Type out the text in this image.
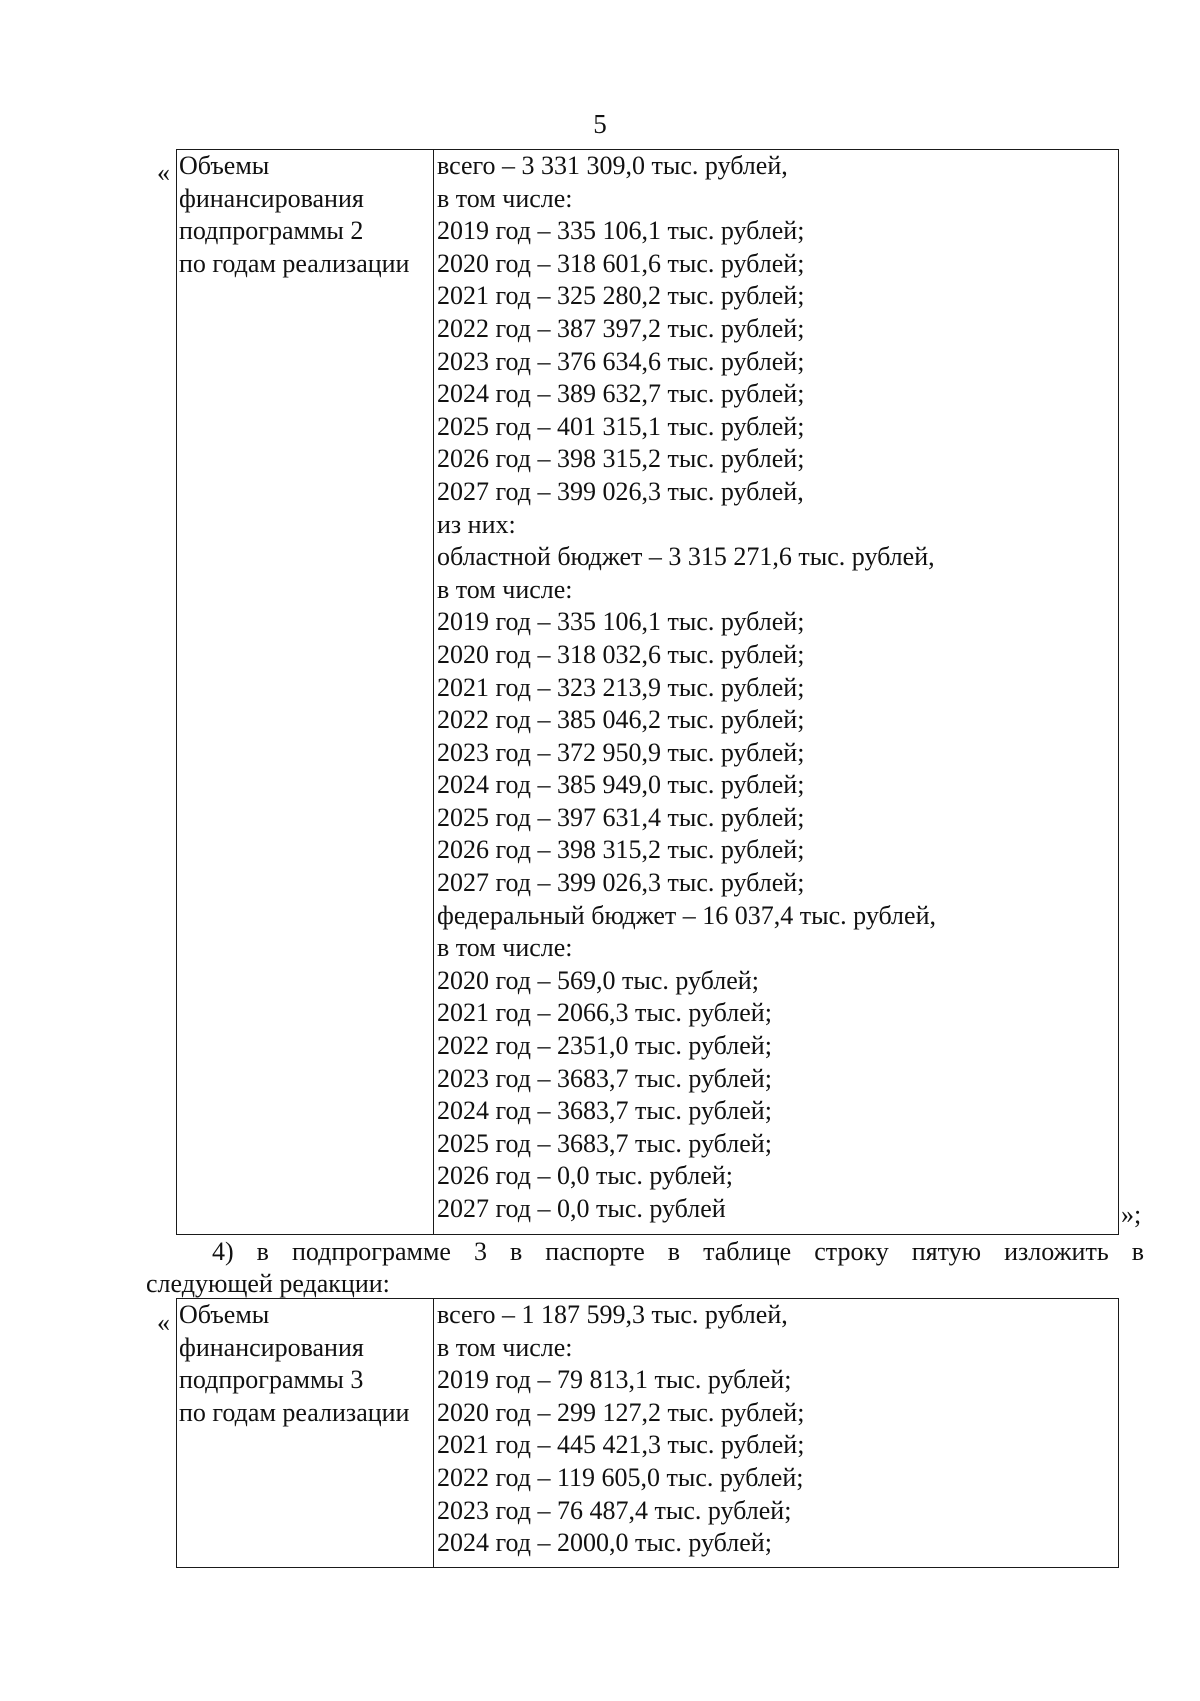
5
« Объемы
финансирования
подпрограммы 2
по годам реализации
всего – 3 331 309,0 тыс. рублей,
в том числе:
2019 год – 335 106,1 тыс. рублей;
2020 год – 318 601,6 тыс. рублей;
2021 год – 325 280,2 тыс. рублей;
2022 год – 387 397,2 тыс. рублей;
2023 год – 376 634,6 тыс. рублей;
2024 год – 389 632,7 тыс. рублей;
2025 год – 401 315,1 тыс. рублей;
2026 год – 398 315,2 тыс. рублей;
2027 год – 399 026,3 тыс. рублей,
из них:
областной бюджет – 3 315 271,6 тыс. рублей,
в том числе:
2019 год – 335 106,1 тыс. рублей;
2020 год – 318 032,6 тыс. рублей;
2021 год – 323 213,9 тыс. рублей;
2022 год – 385 046,2 тыс. рублей;
2023 год – 372 950,9 тыс. рублей;
2024 год – 385 949,0 тыс. рублей;
2025 год – 397 631,4 тыс. рублей;
2026 год – 398 315,2 тыс. рублей;
2027 год – 399 026,3 тыс. рублей;
федеральный бюджет – 16 037,4 тыс. рублей,
в том числе:
2020 год – 569,0 тыс. рублей;
2021 год – 2066,3 тыс. рублей;
2022 год – 2351,0 тыс. рублей;
2023 год – 3683,7 тыс. рублей;
2024 год – 3683,7 тыс. рублей;
2025 год – 3683,7 тыс. рублей;
2026 год – 0,0 тыс. рублей;
2027 год – 0,0 тыс. рублей	»;
4) в подпрограмме 3 в паспорте в таблице строку пятую изложить в
следующей редакции:
« Объемы
финансирования
подпрограммы 3
по годам реализации
всего – 1 187 599,3 тыс. рублей,
в том числе:
2019 год – 79 813,1 тыс. рублей;
2020 год – 299 127,2 тыс. рублей;
2021 год – 445 421,3 тыс. рублей;
2022 год – 119 605,0 тыс. рублей;
2023 год – 76 487,4 тыс. рублей;
2024 год – 2000,0 тыс. рублей;
